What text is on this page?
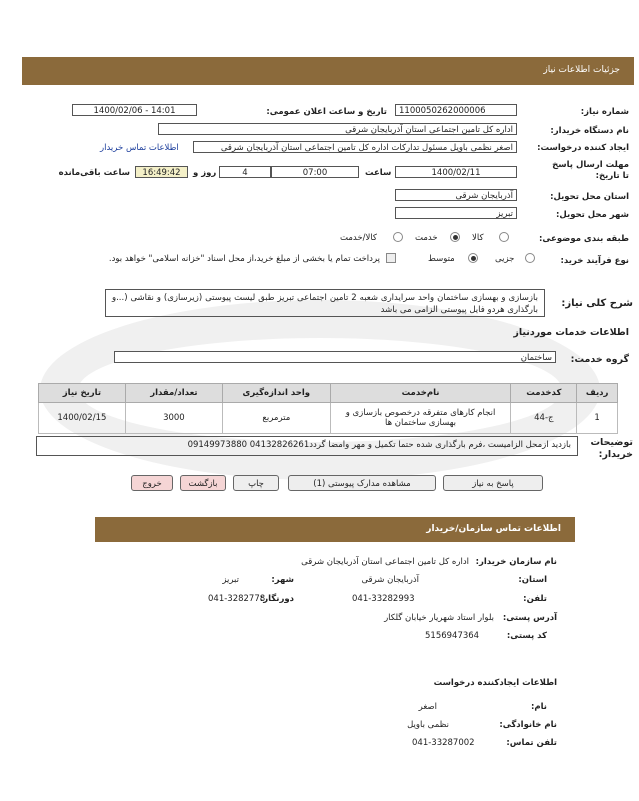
جزئیات اطلاعات نیاز
شماره نیاز:
1100050262000006
تاریخ و ساعت اعلان عمومی:
1400/02/06 - 14:01
نام دستگاه خریدار:
اداره کل تامین اجتماعی استان آذربایجان شرقی
ایجاد کننده درخواست:
اصغر نظمی باویل مسئول تدارکات اداره کل تامین اجتماعی استان آذربایجان شرقی
اطلاعات تماس خریدار
مهلت ارسال پاسخ تا تاریخ:
1400/02/11
ساعت
07:00
4
روز و
16:49:42
ساعت باقی‌مانده
استان محل تحویل:
آذربایجان شرقی
شهر محل تحویل:
تبریز
طبقه بندی موضوعی:
کالا
خدمت
کالا/خدمت
نوع فرآیند خرید:
جزیی
متوسط
پرداخت تمام یا بخشی از مبلغ خرید،از محل اسناد "خزانه اسلامی" خواهد بود.
شرح کلی نیاز:
بازسازی و بهسازی ساختمان واحد سرایداری شعبه 2 تامین اجتماعی تبریز طبق لیست پیوستی (زیرسازی) و نقاشی (...و بارگذاری هردو فایل پیوستی الزامی می باشد
اطلاعات خدمات موردنیاز
گروه خدمت:
ساختمان
ردیف	کدخدمت	نام‌خدمت	واحد اندازه‌گیری	تعداد/مقدار	تاریخ نیاز
1	ج-44	انجام کارهای متفرقه درخصوص بازسازی و بهسازی ساختمان ها	مترمربع	3000	1400/02/15
توضیحات خریدار:
بازدید ازمحل الزامیست ،فرم بارگذاری شده حتما تکمیل و مهر وامضا گردد04132826261 09149973880
پاسخ به نیاز
مشاهده مدارک پیوستی (1)
چاپ
بازگشت
خروج
اطلاعات تماس سازمان/خریدار
نام سازمان خریدار:
اداره کل تامین اجتماعی استان آذربایجان شرقی
استان:
آذربایجان شرقی
شهر:
تبریز
تلفن:
041-33282993
دورنگار:
041-3282778
آدرس پستی:
بلوار استاد شهریار خیابان گلکار
کد پستی:
5156947364
اطلاعات ایجادکننده درخواست
نام:
اصغر
نام خانوادگی:
نظمی باویل
تلفن تماس:
041-33287002
